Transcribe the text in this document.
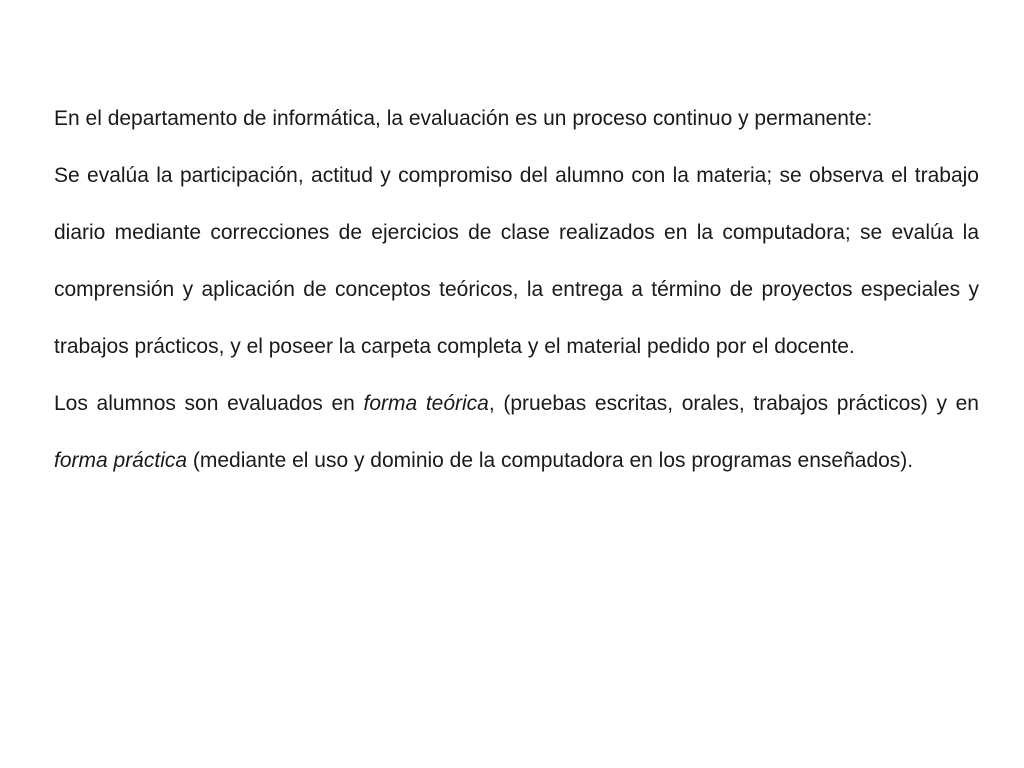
En el departamento de informática, la evaluación es un proceso continuo y permanente:

Se evalúa la participación, actitud y compromiso del alumno con la materia; se observa el trabajo diario mediante correcciones de ejercicios de clase realizados en la computadora; se evalúa la comprensión y aplicación de conceptos teóricos, la entrega a término de proyectos especiales y trabajos prácticos, y el poseer la carpeta completa y el material pedido por el docente.

Los alumnos son evaluados en forma teórica, (pruebas escritas, orales, trabajos prácticos) y en forma práctica (mediante el uso y dominio de la computadora en los programas enseñados).
